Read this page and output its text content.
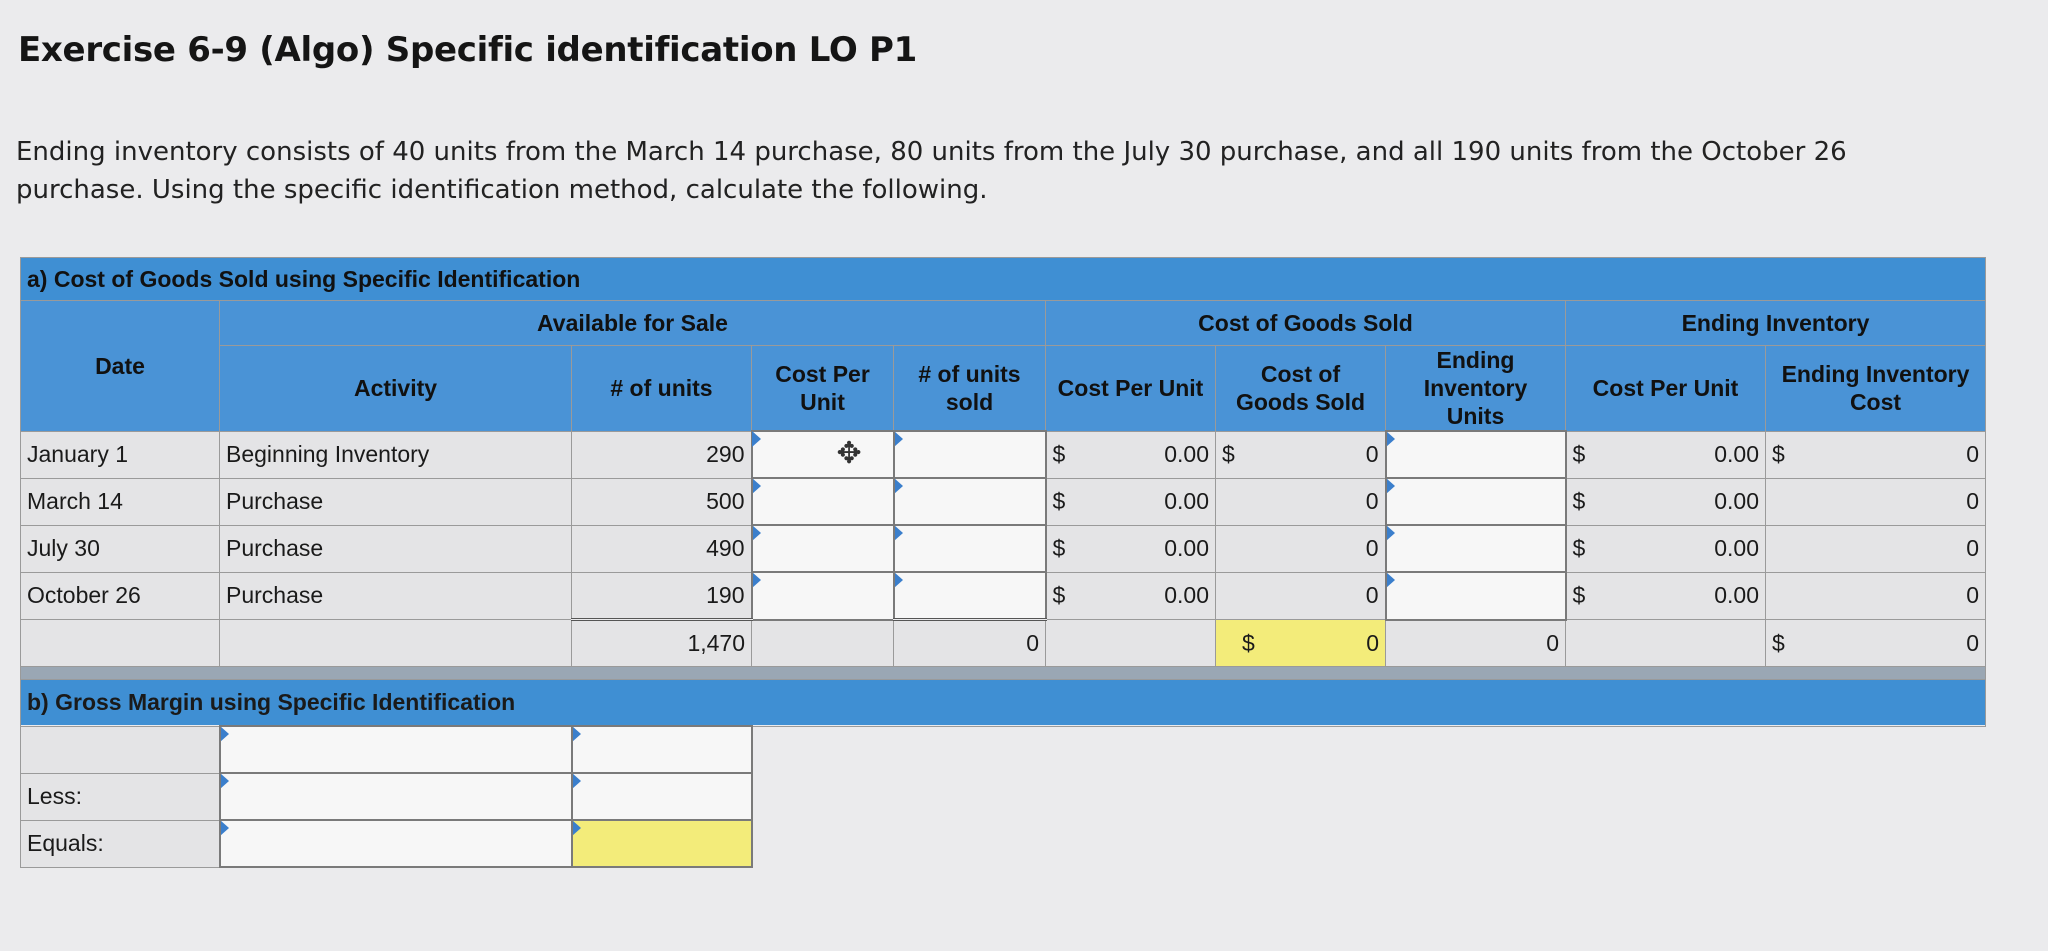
Exercise 6-9 (Algo) Specific identification LO P1
Ending inventory consists of 40 units from the March 14 purchase, 80 units from the July 30 purchase, and all 190 units from the October 26 purchase. Using the specific identification method, calculate the following.
a) Cost of Goods Sold using Specific Identification									
Date	Available for Sale				Cost of Goods Sold			Ending Inventory	
	Activity	# of units	Cost Per Unit	# of units sold	Cost Per Unit	Cost of Goods Sold	Ending Inventory Units	Cost Per Unit	Ending Inventory Cost

January 1	Beginning Inventory	290	✥		$ 0.00	$ 0		$ 0.00	$ 0
March 14	Purchase	500			$ 0.00	0		$ 0.00	0
July 30	Purchase	490			$ 0.00	0		$ 0.00	0
October 26	Purchase	190			$ 0.00	0		$ 0.00	0
		1,470		0		$ 0	0		$ 0

b) Gross Margin using Specific Identification									

Less:									
Equals:									
